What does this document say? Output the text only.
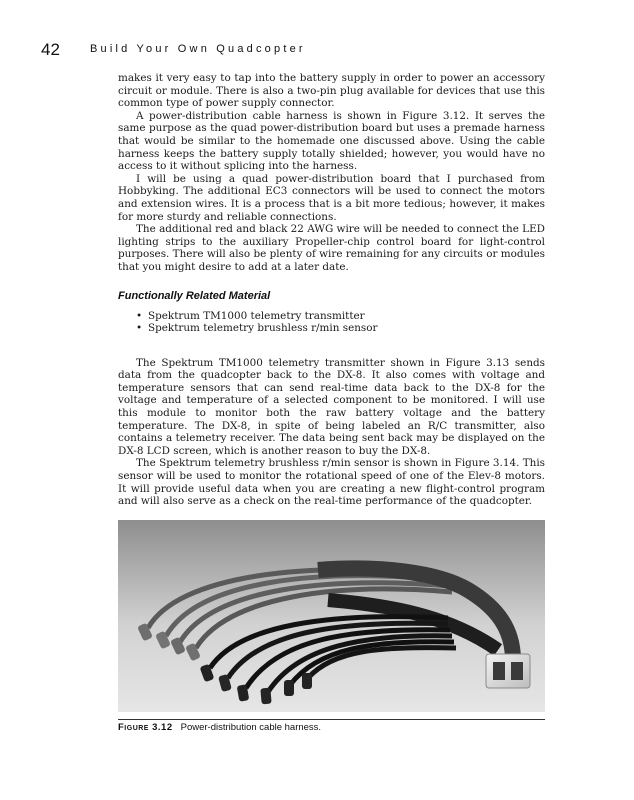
42	Build Your Own Quadcopter

makes it very easy to tap into the battery supply in order to power an accessory circuit or module. There is also a two-pin plug available for devices that use this common type of power supply connector.

A power-distribution cable harness is shown in Figure 3.12. It serves the same purpose as the quad power-distribution board but uses a premade harness that would be similar to the homemade one discussed above. Using the cable harness keeps the battery supply totally shielded; however, you would have no access to it without splicing into the harness.

I will be using a quad power-distribution board that I purchased from Hobbyking. The additional EC3 connectors will be used to connect the motors and extension wires. It is a process that is a bit more tedious; however, it makes for more sturdy and reliable connections.

The additional red and black 22 AWG wire will be needed to connect the LED lighting strips to the auxiliary Propeller-chip control board for light-control purposes. There will also be plenty of wire remaining for any circuits or modules that you might desire to add at a later date.

Functionally Related Material
• Spektrum TM1000 telemetry transmitter
• Spektrum telemetry brushless r/min sensor

The Spektrum TM1000 telemetry transmitter shown in Figure 3.13 sends data from the quadcopter back to the DX-8. It also comes with voltage and temperature sensors that can send real-time data back to the DX-8 for the voltage and temperature of a selected component to be monitored. I will use this module to monitor both the raw battery voltage and the battery temperature. The DX-8, in spite of being labeled an R/C transmitter, also contains a telemetry receiver. The data being sent back may be displayed on the DX-8 LCD screen, which is another reason to buy the DX-8.

The Spektrum telemetry brushless r/min sensor is shown in Figure 3.14. This sensor will be used to monitor the rotational speed of one of the Elev-8 motors. It will provide useful data when you are creating a new flight-control program and will also serve as a check on the real-time performance of the quadcopter.

Figure 3.12 Power-distribution cable harness.
